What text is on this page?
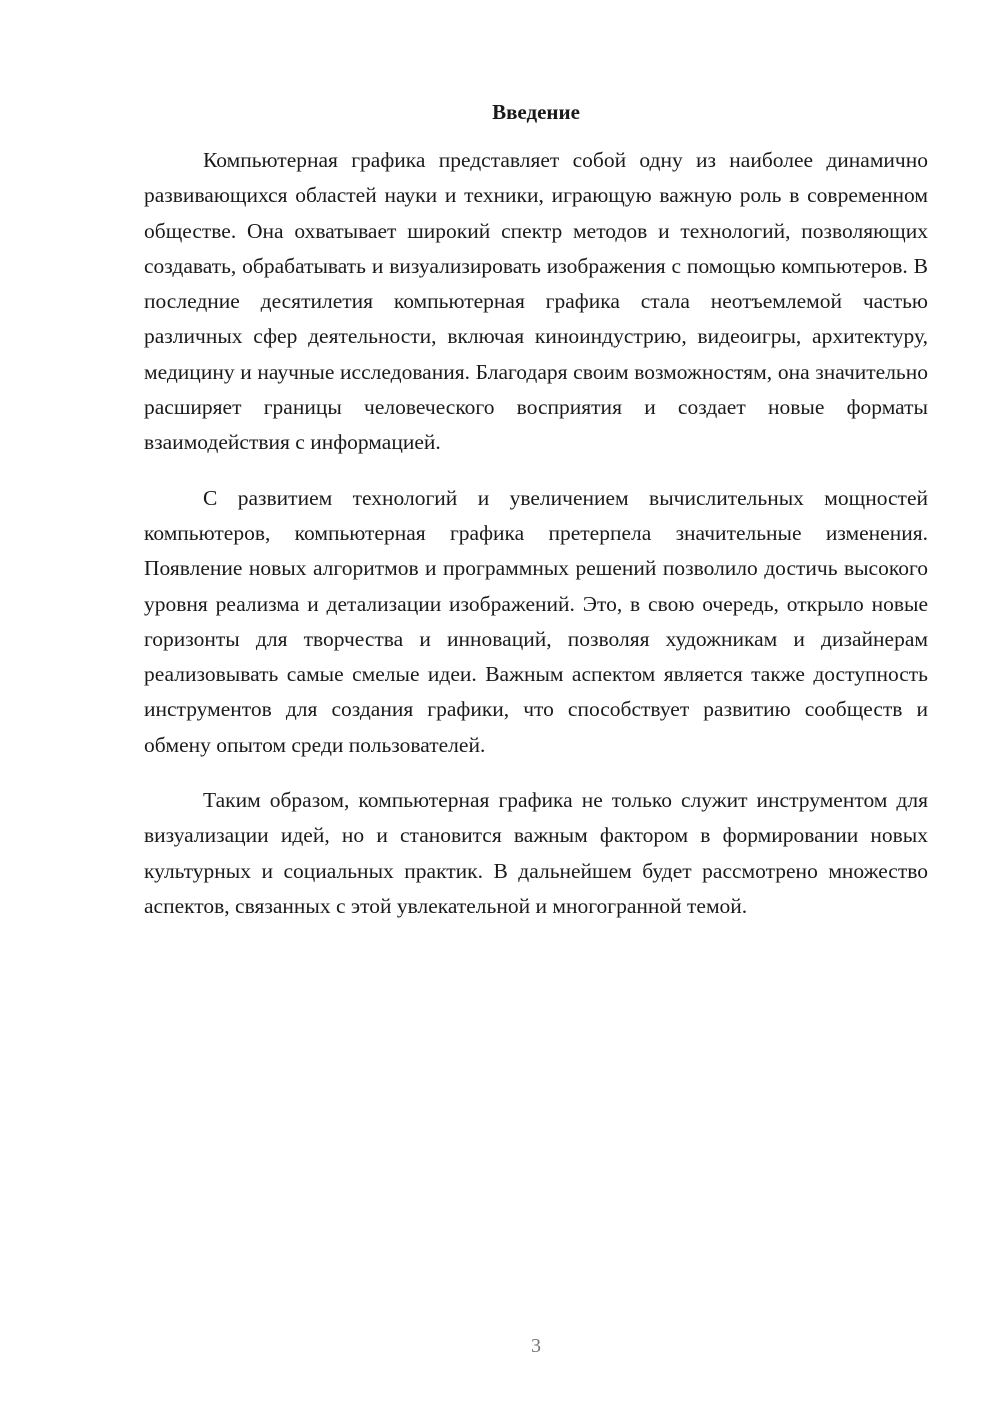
Введение

Компьютерная графика представляет собой одну из наиболее динамично развивающихся областей науки и техники, играющую важную роль в современном обществе. Она охватывает широкий спектр методов и технологий, позволяющих создавать, обрабатывать и визуализировать изображения с помощью компьютеров. В последние десятилетия компьютерная графика стала неотъемлемой частью различных сфер деятельности, включая киноиндустрию, видеоигры, архитектуру, медицину и научные исследования. Благодаря своим возможностям, она значительно расширяет границы человеческого восприятия и создает новые форматы взаимодействия с информацией.

С развитием технологий и увеличением вычислительных мощностей компьютеров, компьютерная графика претерпела значительные изменения. Появление новых алгоритмов и программных решений позволило достичь высокого уровня реализма и детализации изображений. Это, в свою очередь, открыло новые горизонты для творчества и инноваций, позволяя художникам и дизайнерам реализовывать самые смелые идеи. Важным аспектом является также доступность инструментов для создания графики, что способствует развитию сообществ и обмену опытом среди пользователей.

Таким образом, компьютерная графика не только служит инструментом для визуализации идей, но и становится важным фактором в формировании новых культурных и социальных практик. В дальнейшем будет рассмотрено множество аспектов, связанных с этой увлекательной и многогранной темой.

3
